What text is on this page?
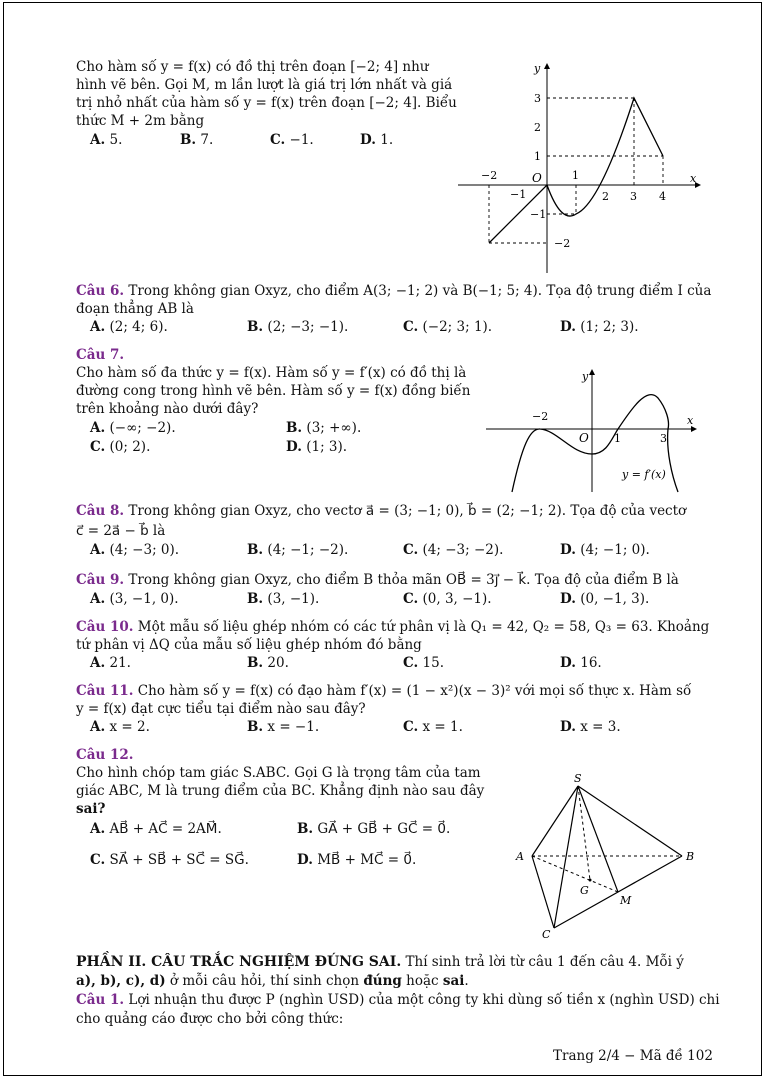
Cho hàm số y = f(x) có đồ thị trên đoạn [−2; 4] như
hình vẽ bên. Gọi M, m lần lượt là giá trị lớn nhất và giá
trị nhỏ nhất của hàm số y = f(x) trên đoạn [−2; 4]. Biểu
thức M + 2m bằng
A. 5.	B. 7.	C. −1.	D. 1.
y
x
O
−2
−1
1
2 3 4
3
2
1
−1
−2
Câu 6. Trong không gian Oxyz, cho điểm A(3; −1; 2) và B(−1; 5; 4). Tọa độ trung điểm I của
đoạn thẳng AB là
A. (2; 4; 6).	B. (2; −3; −1).	C. (−2; 3; 1).	D. (1; 2; 3).
Câu 7.
Cho hàm số đa thức y = f(x). Hàm số y = f′(x) có đồ thị là
đường cong trong hình vẽ bên. Hàm số y = f(x) đồng biến
trên khoảng nào dưới đây?
A. (−∞; −2).	B. (3; +∞).
C. (0; 2).	D. (1; 3).
y
x
O
−2
1	3
y = f′(x)
Câu 8. Trong không gian Oxyz, cho vectơ a⃗ = (3; −1; 0), b⃗ = (2; −1; 2). Tọa độ của vectơ
c⃗ = 2a⃗ − b⃗ là
A. (4; −3; 0).	B. (4; −1; −2).	C. (4; −3; −2).	D. (4; −1; 0).
Câu 9. Trong không gian Oxyz, cho điểm B thỏa mãn OB⃗ = 3j⃗ − k⃗. Tọa độ của điểm B là
A. (3, −1, 0).	B. (3, −1).	C. (0, 3, −1).	D. (0, −1, 3).
Câu 10. Một mẫu số liệu ghép nhóm có các tứ phân vị là Q₁ = 42, Q₂ = 58, Q₃ = 63. Khoảng
tứ phân vị ΔQ của mẫu số liệu ghép nhóm đó bằng
A. 21.	B. 20.	C. 15.	D. 16.
Câu 11. Cho hàm số y = f(x) có đạo hàm f′(x) = (1 − x²)(x − 3)² với mọi số thực x. Hàm số
y = f(x) đạt cực tiểu tại điểm nào sau đây?
A. x = 2.	B. x = −1.	C. x = 1.	D. x = 3.
Câu 12.
Cho hình chóp tam giác S.ABC. Gọi G là trọng tâm của tam
giác ABC, M là trung điểm của BC. Khẳng định nào sau đây
sai?
A. AB⃗ + AC⃗ = 2AM⃗.	B. GA⃗ + GB⃗ + GC⃗ = 0⃗.
C. SA⃗ + SB⃗ + SC⃗ = SG⃗.	D. MB⃗ + MC⃗ = 0⃗.
S
A	B
C
G
M
PHẦN II. CÂU TRẮC NGHIỆM ĐÚNG SAI. Thí sinh trả lời từ câu 1 đến câu 4. Mỗi ý
a), b), c), d) ở mỗi câu hỏi, thí sinh chọn đúng hoặc sai.
Câu 1. Lợi nhuận thu được P (nghìn USD) của một công ty khi dùng số tiền x (nghìn USD) chi
cho quảng cáo được cho bởi công thức:
Trang 2/4 − Mã đề 102
